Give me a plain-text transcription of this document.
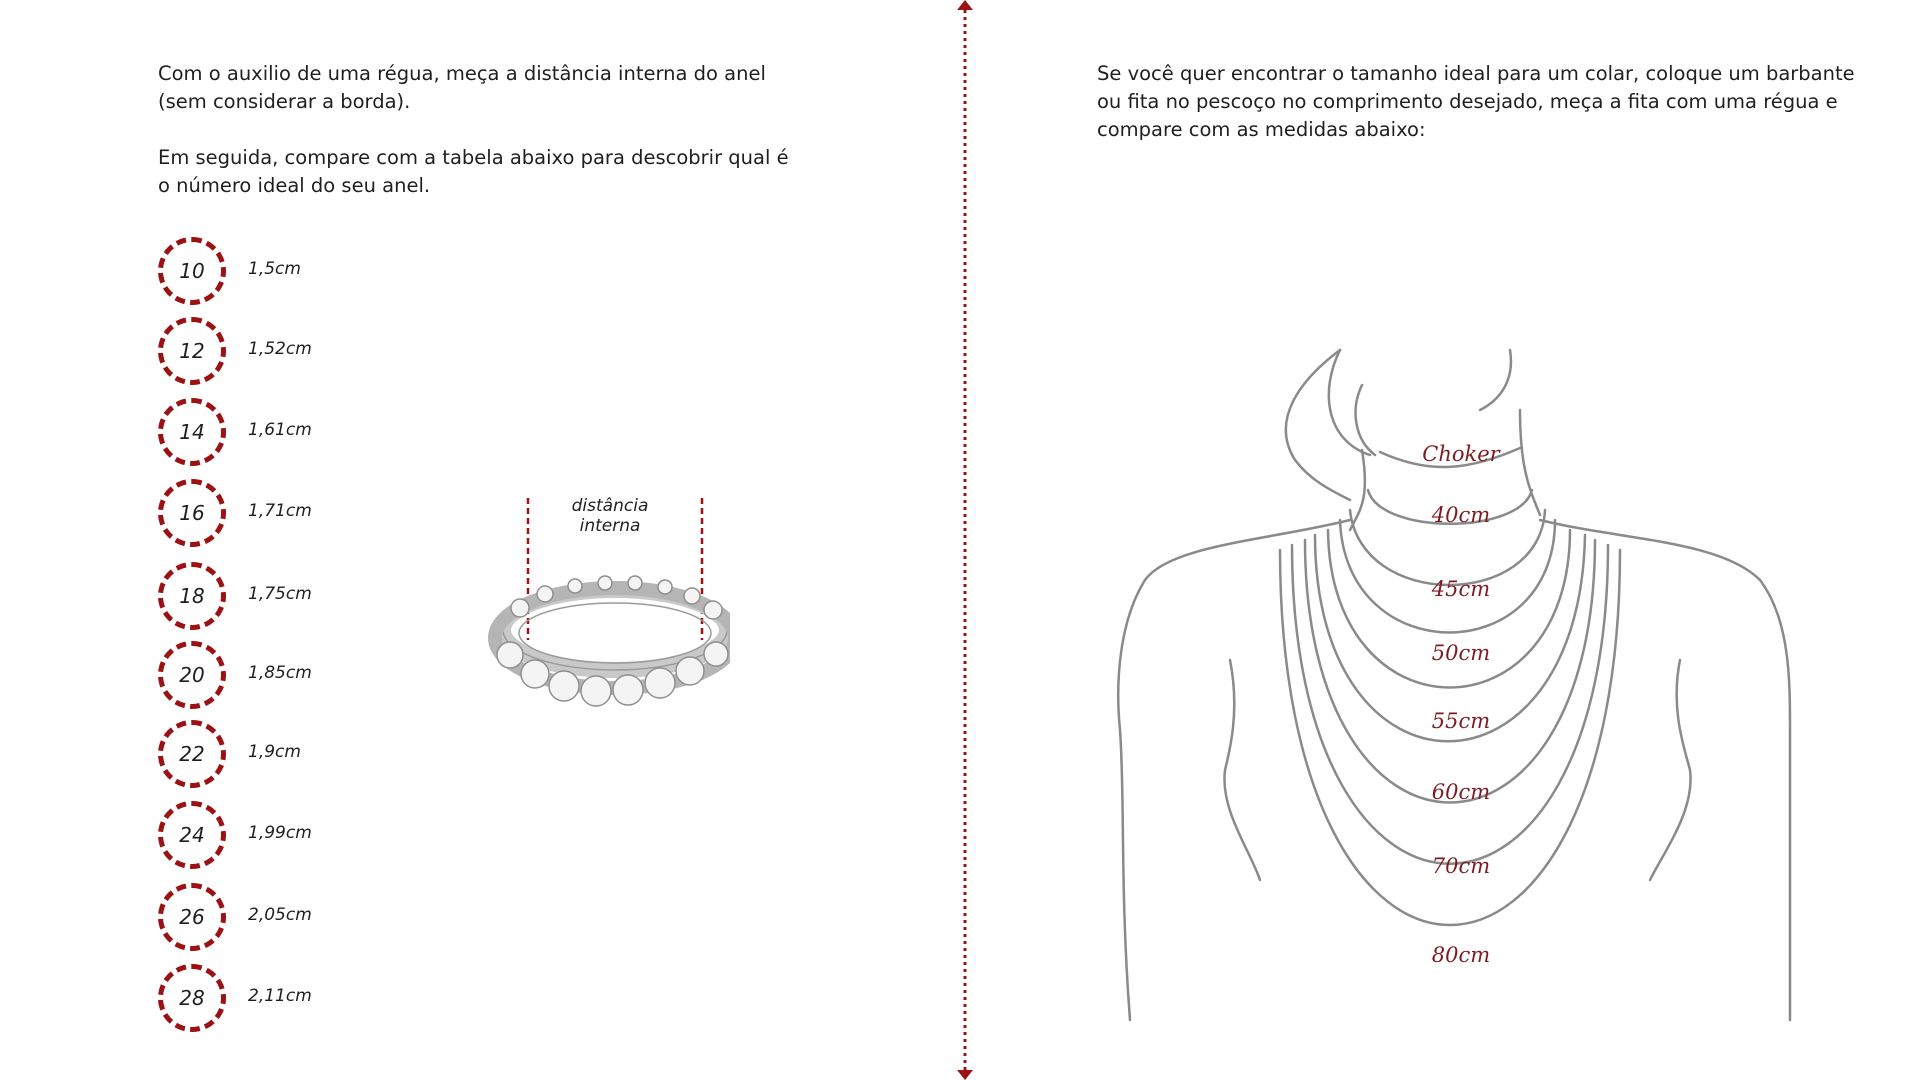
Com o auxilio de uma régua, meça a distância interna do anel
(sem considerar a borda).

Em seguida, compare com a tabela abaixo para descobrir qual é
o número ideal do seu anel.

10	1,5cm
12	1,52cm
14	1,61cm
16	1,71cm
18	1,75cm
20	1,85cm
22	1,9cm
24	1,99cm
26	2,05cm
28	2,11cm
distância
interna

Se você quer encontrar o tamanho ideal para um colar, coloque um barbante
ou fita no pescoço no comprimento desejado, meça a fita com uma régua e
compare com as medidas abaixo:

Choker
40cm
45cm
50cm
55cm
60cm
70cm
80cm
